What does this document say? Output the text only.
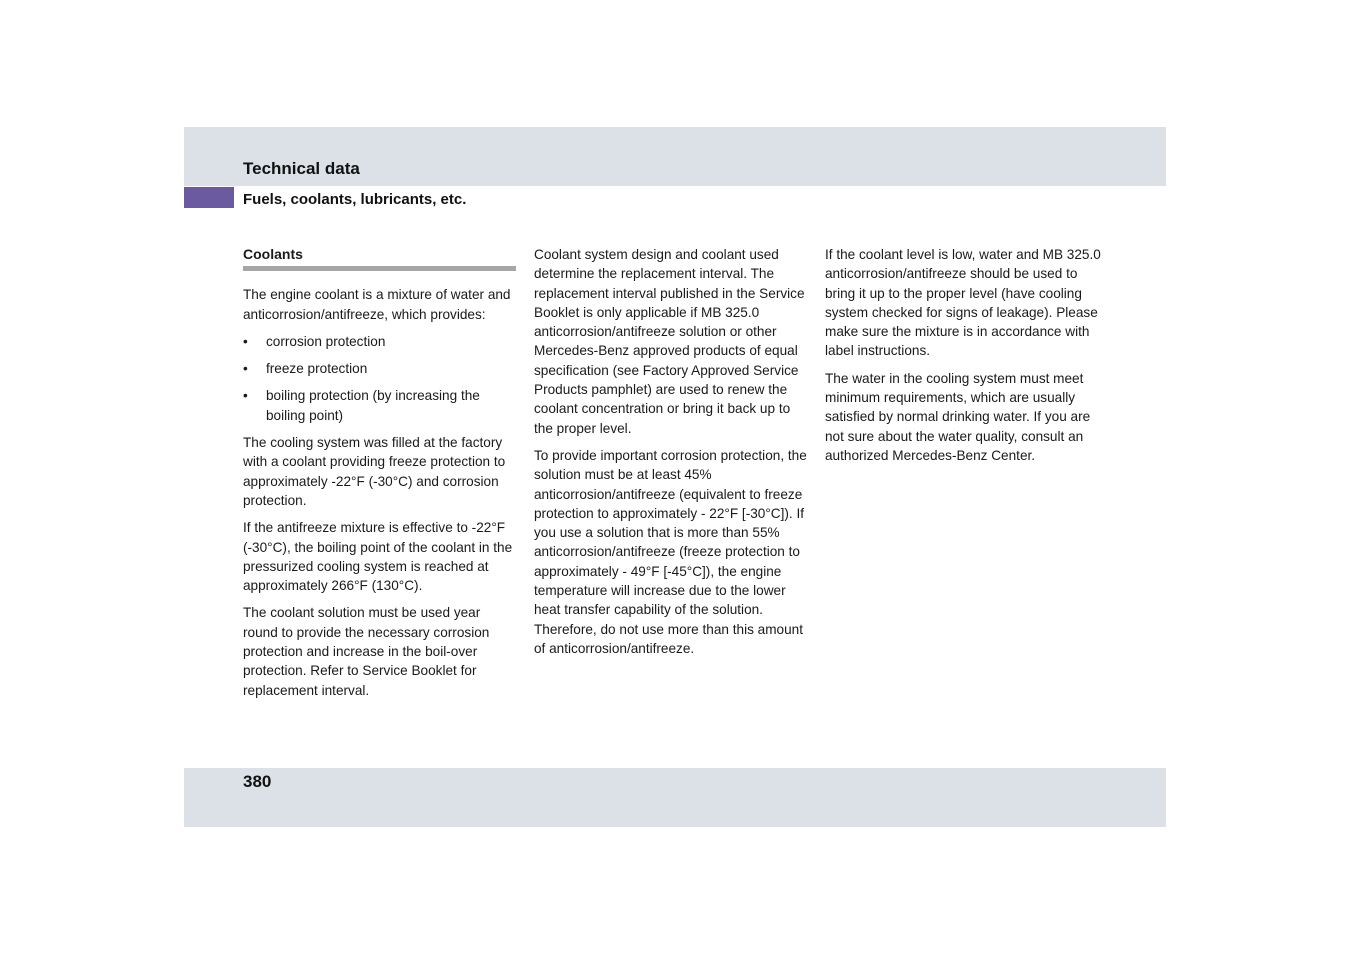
Technical data
Fuels, coolants, lubricants, etc.
Coolants

The engine coolant is a mixture of water and anticorrosion/antifreeze, which provides:

• corrosion protection
• freeze protection
• boiling protection (by increasing the boiling point)

The cooling system was filled at the factory with a coolant providing freeze protection to approximately -22°F (-30°C) and corrosion protection.

If the antifreeze mixture is effective to -22°F (-30°C), the boiling point of the coolant in the pressurized cooling system is reached at approximately 266°F (130°C).

The coolant solution must be used year round to provide the necessary corrosion protection and increase in the boil-over protection. Refer to Service Booklet for replacement interval.

Coolant system design and coolant used determine the replacement interval. The replacement interval published in the Service Booklet is only applicable if MB 325.0 anticorrosion/antifreeze solution or other Mercedes-Benz approved products of equal specification (see Factory Approved Service Products pamphlet) are used to renew the coolant concentration or bring it back up to the proper level.

To provide important corrosion protection, the solution must be at least 45% anticorrosion/antifreeze (equivalent to freeze protection to approximately - 22°F [-30°C]). If you use a solution that is more than 55% anticorrosion/antifreeze (freeze protection to approximately - 49°F [-45°C]), the engine temperature will increase due to the lower heat transfer capability of the solution. Therefore, do not use more than this amount of anticorrosion/antifreeze.

If the coolant level is low, water and MB 325.0 anticorrosion/antifreeze should be used to bring it up to the proper level (have cooling system checked for signs of leakage). Please make sure the mixture is in accordance with label instructions.

The water in the cooling system must meet minimum requirements, which are usually satisfied by normal drinking water. If you are not sure about the water quality, consult an authorized Mercedes-Benz Center.

380
